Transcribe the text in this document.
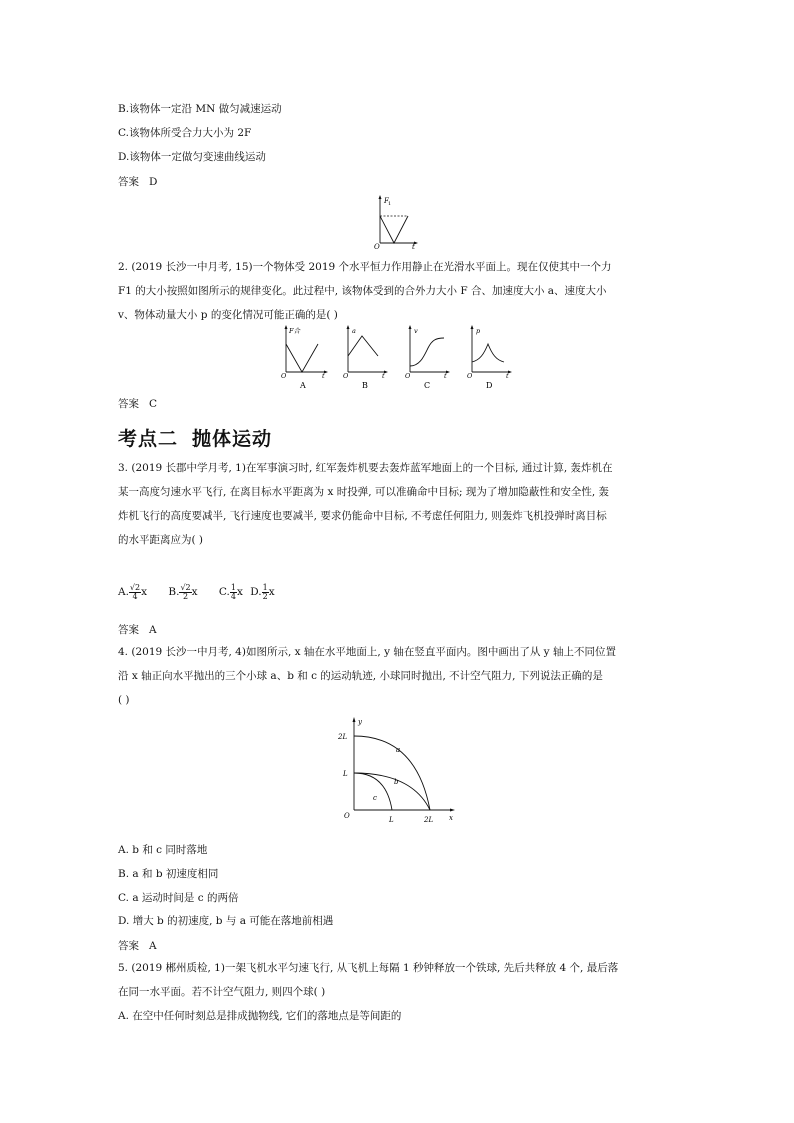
B.该物体一定沿 MN 做匀减速运动
C.该物体所受合力大小为 2F
D.该物体一定做匀变速曲线运动
答案 D
F 1
O	t
2. (2019 长沙一中月考, 15)一个物体受 2019 个水平恒力作用静止在光滑水平面上。现在仅使其中一个力
F1 的大小按照如图所示的规律变化。此过程中, 该物体受到的合外力大小 F 合、加速度大小 a、速度大小
v、物体动量大小 p 的变化情况可能正确的是( )
F合
O	t
A
a
O	t
B
v
O	t
C
p
O	t
D
答案 C
考点二 抛体运动
3. (2019 长郡中学月考, 1)在军事演习时, 红军轰炸机要去轰炸蓝军地面上的一个目标, 通过计算, 轰炸机在
某一高度匀速水平飞行, 在离目标水平距离为 x 时投弹, 可以准确命中目标; 现为了增加隐蔽性和安全性, 轰
炸机飞行的高度要减半, 飞行速度也要减半, 要求仍能命中目标, 不考虑任何阻力, 则轰炸飞机投弹时离目标
的水平距离应为( )
A. $\frac{√2}{4}$ x B. $\frac{√2}{2}$ x C. $\frac{1}{4}$ x D. $\frac{1}{2}$ x
答案 A
4. (2019 长沙一中月考, 4)如图所示, x 轴在水平地面上, y 轴在竖直平面内。图中画出了从 y 轴上不同位置
沿 x 轴正向水平抛出的三个小球 a、b 和 c 的运动轨迹, 小球同时抛出, 不计空气阻力, 下列说法正确的是
( )
y
2L
L
O	L	2L x
a
b
c
A. b 和 c 同时落地
B. a 和 b 初速度相同
C. a 运动时间是 c 的两倍
D. 增大 b 的初速度, b 与 a 可能在落地前相遇
答案 A
5. (2019 郴州质检, 1)一架飞机水平匀速飞行, 从飞机上每隔 1 秒钟释放一个铁球, 先后共释放 4 个, 最后落
在同一水平面。若不计空气阻力, 则四个球( )
A. 在空中任何时刻总是排成抛物线, 它们的落地点是等间距的
